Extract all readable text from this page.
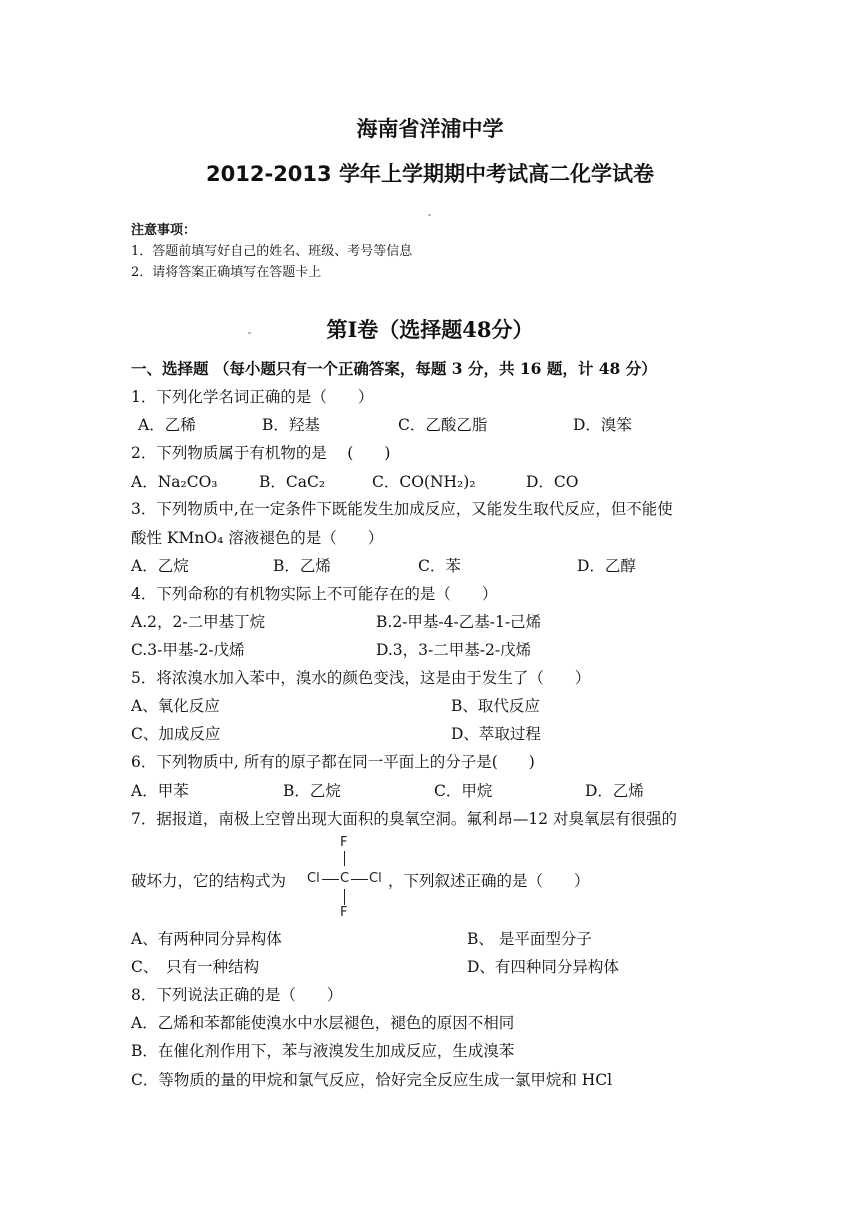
海南省洋浦中学
2012-2013 学年上学期期中考试高二化学试卷
注意事项：
1．答题前填写好自己的姓名、班级、考号等信息
2．请将答案正确填写在答题卡上
第Ⅰ卷（选择题48分）
一、选择题 （每小题只有一个正确答案，每题 3 分，共 16 题，计 48 分）
1．下列化学名词正确的是（　　）
A．乙稀	B．羟基	C．乙酸乙脂	D．溴笨
2．下列物质属于有机物的是　 (　　)
A．Na₂CO₃	B．CaC₂	C．CO(NH₂)₂	D．CO
3．下列物质中,在一定条件下既能发生加成反应，又能发生取代反应，但不能使
酸性 KMnO₄ 溶液褪色的是（　　）
A．乙烷	B．乙烯	C．苯	D．乙醇
4．下列命称的有机物实际上不可能存在的是（　　）
A.2，2-二甲基丁烷	B.2-甲基-4-乙基-1-己烯
C.3-甲基-2-戊烯	D.3，3-二甲基-2-戊烯
5．将浓溴水加入苯中，溴水的颜色变浅，这是由于发生了（　　）
A、氧化反应	B、取代反应
C、加成反应	D、萃取过程
6．下列物质中, 所有的原子都在同一平面上的分子是(　　)
A．甲苯	B．乙烷	C．甲烷	D．乙烯
7．据报道，南极上空曾出现大面积的臭氧空洞。氟利昂—12 对臭氧层有很强的
破坏力，它的结构式为
F
Cl C Cl
F
，下列叙述正确的是（　　）
A、有两种同分异构体	B、 是平面型分子
C、　只有一种结构	D、有四种同分异构体
8．下列说法正确的是（　　）
A．乙烯和苯都能使溴水中水层褪色，褪色的原因不相同
B．在催化剂作用下，苯与液溴发生加成反应，生成溴苯
C．等物质的量的甲烷和氯气反应，恰好完全反应生成一氯甲烷和 HCl
